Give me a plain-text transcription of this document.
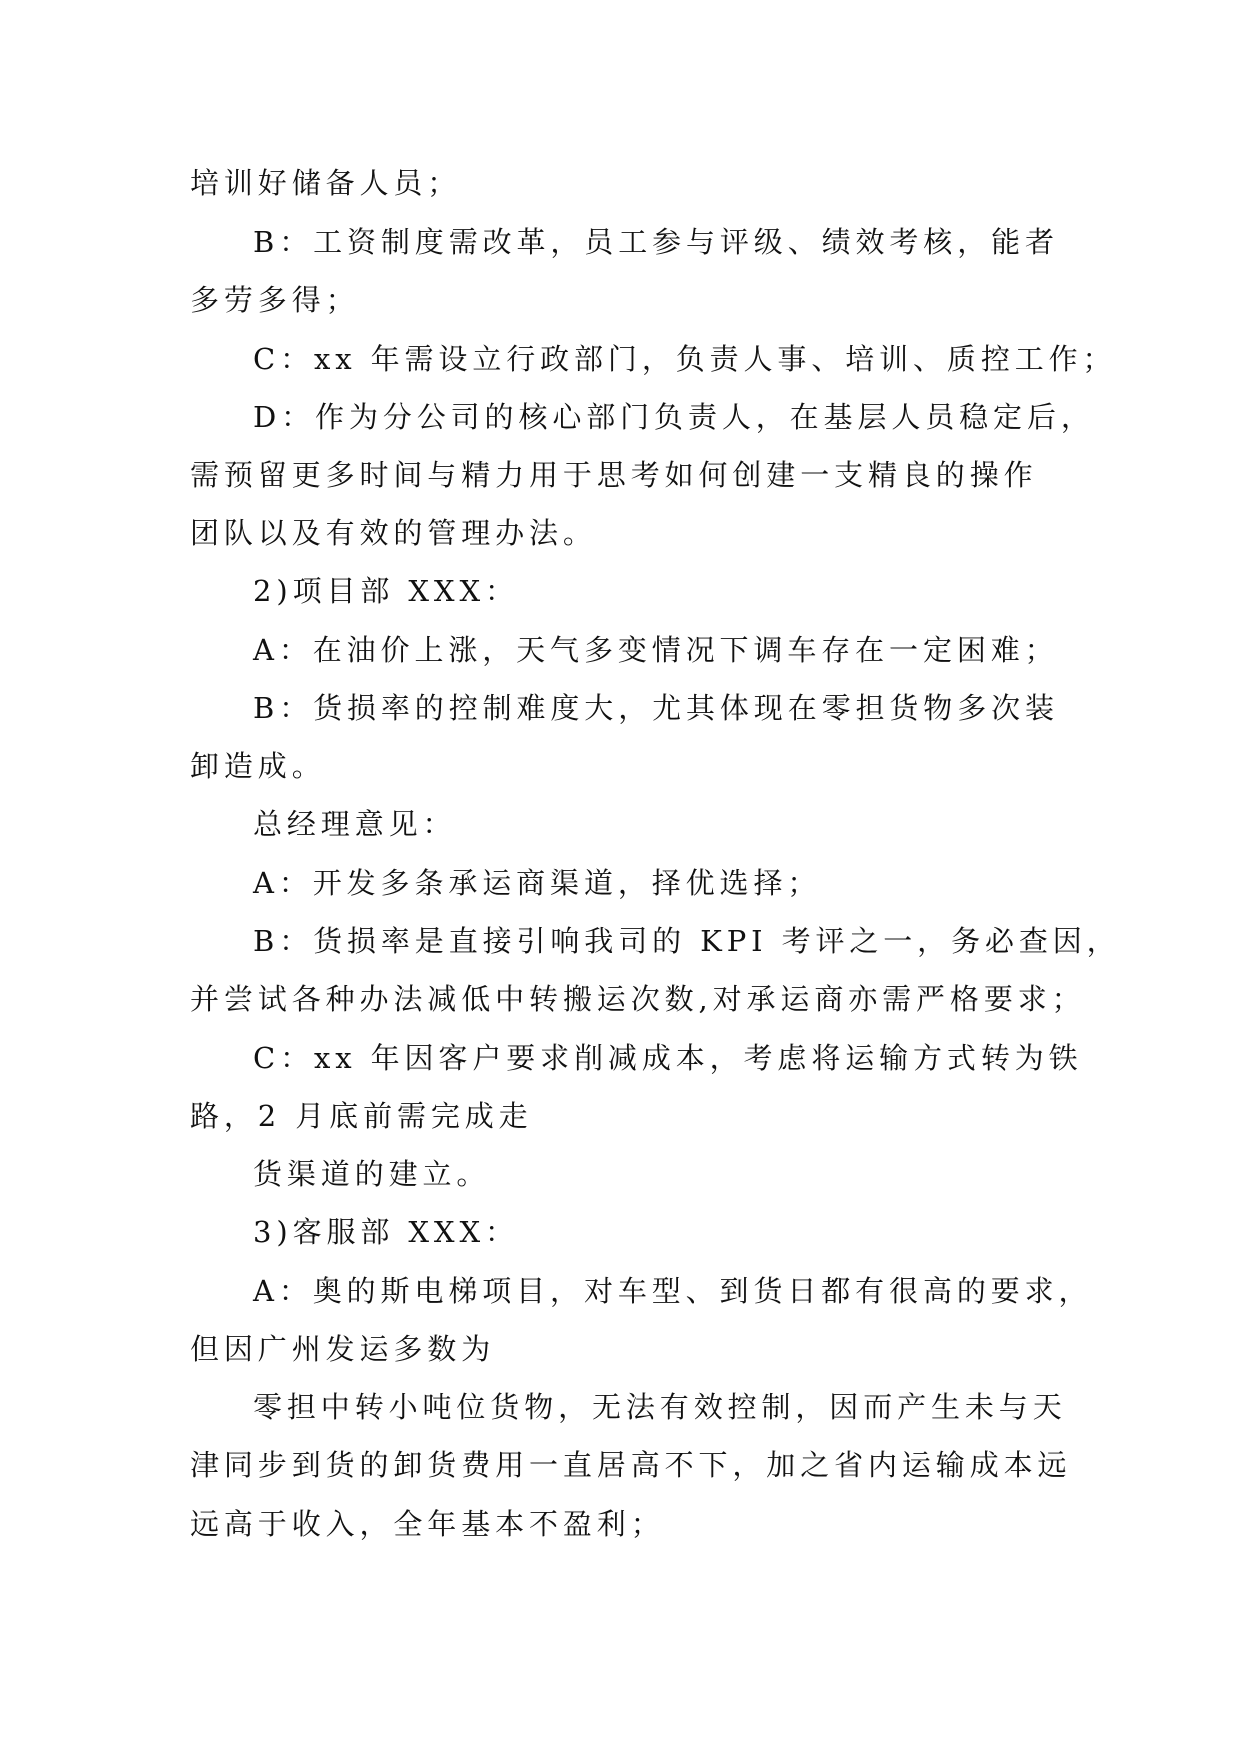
培训好储备人员；

B：工资制度需改革，员工参与评级、绩效考核，能者

多劳多得；

C：xx 年需设立行政部门，负责人事、培训、质控工作；

D：作为分公司的核心部门负责人，在基层人员稳定后，

需预留更多时间与精力用于思考如何创建一支精良的操作

团队以及有效的管理办法。

2)项目部 XXX：

A：在油价上涨，天气多变情况下调车存在一定困难；

B：货损率的控制难度大，尤其体现在零担货物多次装

卸造成。

总经理意见：

A：开发多条承运商渠道，择优选择；

B：货损率是直接引响我司的 KPI 考评之一，务必查因，

并尝试各种办法减低中转搬运次数,对承运商亦需严格要求；

C：xx 年因客户要求削减成本，考虑将运输方式转为铁

路，2 月底前需完成走

货渠道的建立。

3)客服部 XXX：

A：奥的斯电梯项目，对车型、到货日都有很高的要求，

但因广州发运多数为

零担中转小吨位货物，无法有效控制，因而产生未与天

津同步到货的卸货费用一直居高不下，加之省内运输成本远

远高于收入，全年基本不盈利；
